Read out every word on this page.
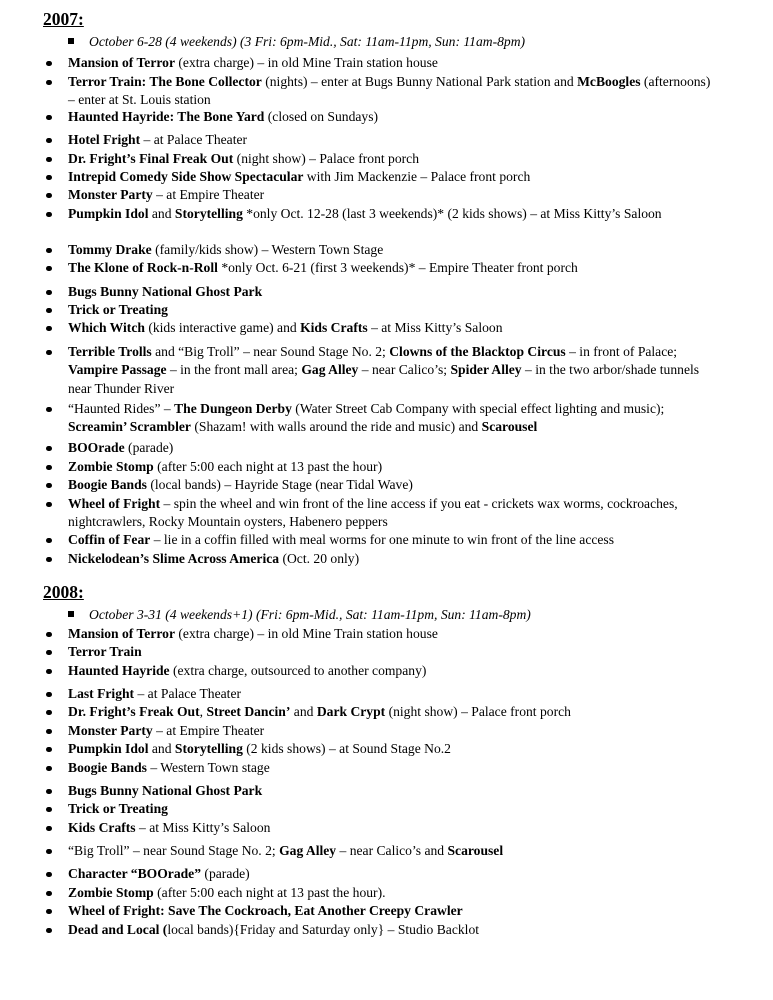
2007:
October 6-28 (4 weekends) (3 Fri: 6pm-Mid., Sat: 11am-11pm, Sun: 11am-8pm)
Mansion of Terror (extra charge) – in old Mine Train station house
Terror Train: The Bone Collector (nights) – enter at Bugs Bunny National Park station and McBoogles (afternoons) – enter at St. Louis station
Haunted Hayride: The Bone Yard (closed on Sundays)
Hotel Fright – at Palace Theater
Dr. Fright’s Final Freak Out (night show) – Palace front porch
Intrepid Comedy Side Show Spectacular with Jim Mackenzie – Palace front porch
Monster Party – at Empire Theater
Pumpkin Idol and Storytelling *only Oct. 12-28 (last 3 weekends)* (2 kids shows) – at Miss Kitty’s Saloon
Tommy Drake (family/kids show) – Western Town Stage
The Klone of Rock-n-Roll *only Oct. 6-21 (first 3 weekends)* – Empire Theater front porch
Bugs Bunny National Ghost Park
Trick or Treating
Which Witch (kids interactive game) and Kids Crafts – at Miss Kitty’s Saloon
Terrible Trolls and “Big Troll” – near Sound Stage No. 2; Clowns of the Blacktop Circus – in front of Palace; Vampire Passage – in the front mall area; Gag Alley – near Calico’s; Spider Alley – in the two arbor/shade tunnels near Thunder River
“Haunted Rides” – The Dungeon Derby (Water Street Cab Company with special effect lighting and music); Screamin’ Scrambler (Shazam! with walls around the ride and music) and Scarousel
BOOrade (parade)
Zombie Stomp (after 5:00 each night at 13 past the hour)
Boogie Bands (local bands) – Hayride Stage (near Tidal Wave)
Wheel of Fright – spin the wheel and win front of the line access if you eat - crickets wax worms, cockroaches, nightcrawlers, Rocky Mountain oysters, Habenero peppers
Coffin of Fear – lie in a coffin filled with meal worms for one minute to win front of the line access
Nickelodean’s Slime Across America (Oct. 20 only)
2008:
October 3-31 (4 weekends+1) (Fri: 6pm-Mid., Sat: 11am-11pm, Sun: 11am-8pm)
Mansion of Terror (extra charge) – in old Mine Train station house
Terror Train
Haunted Hayride (extra charge, outsourced to another company)
Last Fright – at Palace Theater
Dr. Fright’s Freak Out, Street Dancin’ and Dark Crypt (night show) – Palace front porch
Monster Party – at Empire Theater
Pumpkin Idol and Storytelling (2 kids shows) – at Sound Stage No.2
Boogie Bands – Western Town stage
Bugs Bunny National Ghost Park
Trick or Treating
Kids Crafts – at Miss Kitty’s Saloon
“Big Troll” – near Sound Stage No. 2; Gag Alley – near Calico’s and Scarousel
Character “BOOrade” (parade)
Zombie Stomp (after 5:00 each night at 13 past the hour).
Wheel of Fright: Save The Cockroach, Eat Another Creepy Crawler
Dead and Local (local bands){Friday and Saturday only} – Studio Backlot
